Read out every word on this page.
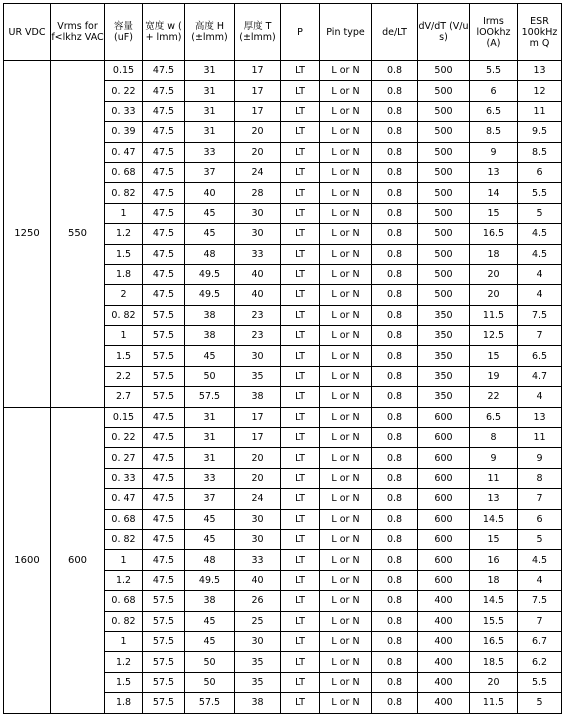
UR VDC	Vrms for f<lkhz VAC	容量 (uF)	宽度 w ( + lmm)	高度 H (±lmm)	厚度 T (±lmm)	P	Pin type	de/LT	dV/dT (V/u s)	Irms lOOkhz (A)	ESR 100kHz m Q
1250	550	0.15	47.5	31	17	LT	L or N	0.8	500	5.5	13
		0. 22	47.5	31	17	LT	L or N	0.8	500	6	12
		0. 33	47.5	31	17	LT	L or N	0.8	500	6.5	11
		0. 39	47.5	31	20	LT	L or N	0.8	500	8.5	9.5
		0. 47	47.5	33	20	LT	L or N	0.8	500	9	8.5
		0. 68	47.5	37	24	LT	L or N	0.8	500	13	6
		0. 82	47.5	40	28	LT	L or N	0.8	500	14	5.5
		1	47.5	45	30	LT	L or N	0.8	500	15	5
		1.2	47.5	45	30	LT	L or N	0.8	500	16.5	4.5
		1.5	47.5	48	33	LT	L or N	0.8	500	18	4.5
		1.8	47.5	49.5	40	LT	L or N	0.8	500	20	4
		2	47.5	49.5	40	LT	L or N	0.8	500	20	4
		0. 82	57.5	38	23	LT	L or N	0.8	350	11.5	7.5
		1	57.5	38	23	LT	L or N	0.8	350	12.5	7
		1.5	57.5	45	30	LT	L or N	0.8	350	15	6.5
		2.2	57.5	50	35	LT	L or N	0.8	350	19	4.7
		2.7	57.5	57.5	38	LT	L or N	0.8	350	22	4
1600	600	0.15	47.5	31	17	LT	L or N	0.8	600	6.5	13
		0. 22	47.5	31	17	LT	L or N	0.8	600	8	11
		0. 27	47.5	31	20	LT	L or N	0.8	600	9	9
		0. 33	47.5	33	20	LT	L or N	0.8	600	11	8
		0. 47	47.5	37	24	LT	L or N	0.8	600	13	7
		0. 68	47.5	45	30	LT	L or N	0.8	600	14.5	6
		0. 82	47.5	45	30	LT	L or N	0.8	600	15	5
		1	47.5	48	33	LT	L or N	0.8	600	16	4.5
		1.2	47.5	49.5	40	LT	L or N	0.8	600	18	4
		0. 68	57.5	38	26	LT	L or N	0.8	400	14.5	7.5
		0. 82	57.5	45	25	LT	L or N	0.8	400	15.5	7
		1	57.5	45	30	LT	L or N	0.8	400	16.5	6.7
		1.2	57.5	50	35	LT	L or N	0.8	400	18.5	6.2
		1.5	57.5	50	35	LT	L or N	0.8	400	20	5.5
		1.8	57.5	57.5	38	LT	L or N	0.8	400	11.5	5
